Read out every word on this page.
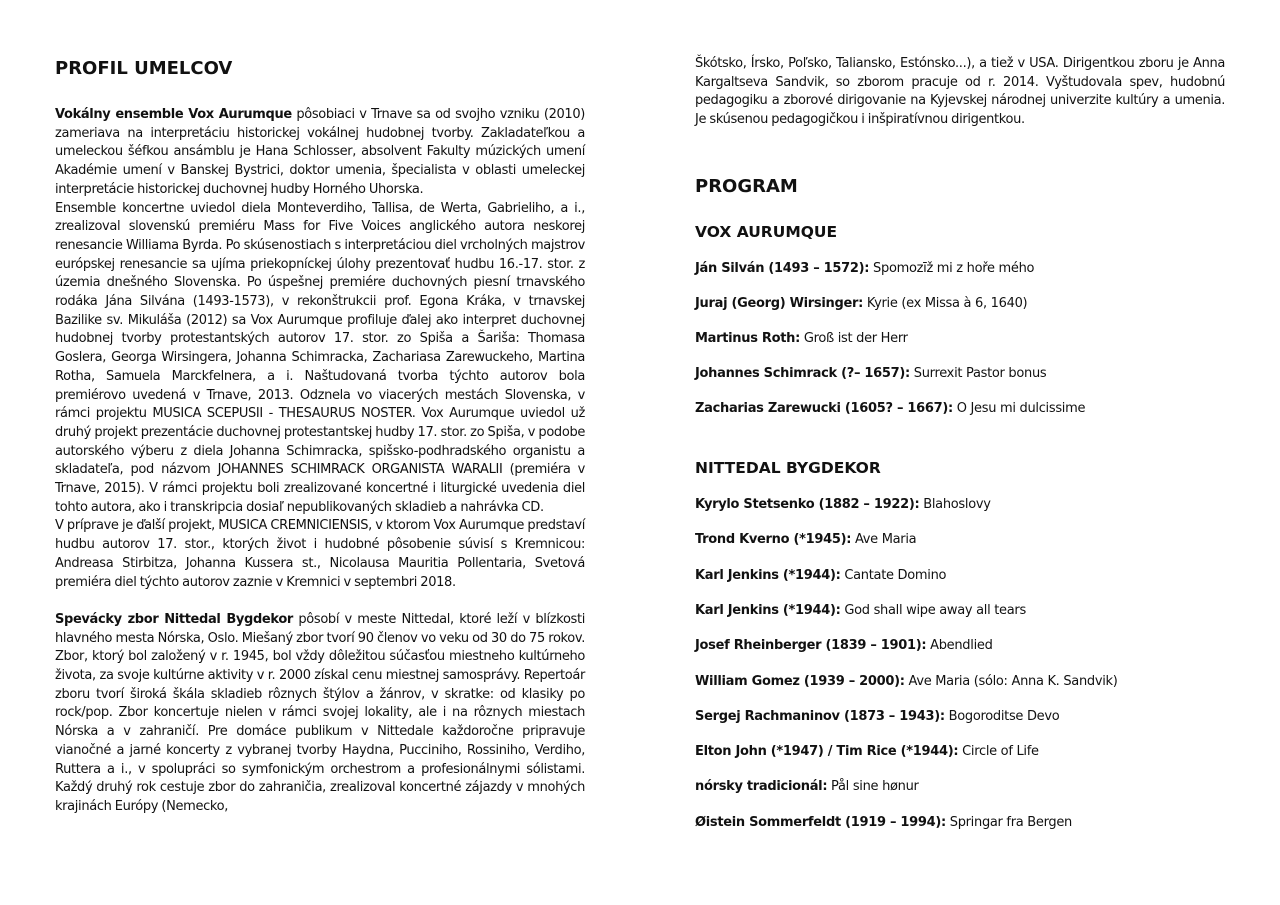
PROFIL UMELCOV

Vokálny ensemble Vox Aurumque pôsobiaci v Trnave sa od svojho vzniku (2010) zameriava na interpretáciu historickej vokálnej hudobnej tvorby. Zakladateľkou a umeleckou šéfkou ansámblu je Hana Schlosser, absolvent Fakulty múzických umení Akadémie umení v Banskej Bystrici, doktor umenia, špecialista v oblasti umeleckej interpretácie historickej duchovnej hudby Horného Uhorska.

Ensemble koncertne uviedol diela Monteverdiho, Tallisa, de Werta, Gabrieliho, a i., zrealizoval slovenskú premiéru Mass for Five Voices anglického autora neskorej renesancie Williama Byrda. Po skúsenostiach s interpretáciou diel vrcholných majstrov európskej renesancie sa ujíma priekopníckej úlohy prezentovať hudbu 16.-17. stor. z územia dnešného Slovenska. Po úspešnej premiére duchovných piesní trnavského rodáka Jána Silvána (1493-1573), v rekonštrukcii prof. Egona Kráka, v trnavskej Bazilike sv. Mikuláša (2012) sa Vox Aurumque profiluje ďalej ako interpret duchovnej hudobnej tvorby protestantských autorov 17. stor. zo Spiša a Šariša: Thomasa Goslera, Georga Wirsingera, Johanna Schimracka, Zachariasa Zarewuckeho, Martina Rotha, Samuela Marckfelnera, a i. Naštudovaná tvorba týchto autorov bola premiérovo uvedená v Trnave, 2013. Odznela vo viacerých mestách Slovenska, v rámci projektu MUSICA SCEPUSII - THESAURUS NOSTER. Vox Aurumque uviedol už druhý projekt prezentácie duchovnej protestantskej hudby 17. stor. zo Spiša, v podobe autorského výberu z diela Johanna Schimracka, spišsko-podhradského organistu a skladateľa, pod názvom JOHANNES SCHIMRACK ORGANISTA WARALII (premiéra v Trnave, 2015). V rámci projektu boli zrealizované koncertné i liturgické uvedenia diel tohto autora, ako i transkripcia dosiaľ nepublikovaných skladieb a nahrávka CD.

V príprave je ďalší projekt, MUSICA CREMNICIENSIS, v ktorom Vox Aurumque predstaví hudbu autorov 17. stor., ktorých život i hudobné pôsobenie súvisí s Kremnicou: Andreasa Stirbitza, Johanna Kussera st., Nicolausa Mauritia Pollentaria, Svetová premiéra diel týchto autorov zaznie v Kremnici v septembri 2018.

Spevácky zbor Nittedal Bygdekor pôsobí v meste Nittedal, ktoré leží v blízkosti hlavného mesta Nórska, Oslo. Miešaný zbor tvorí 90 členov vo veku od 30 do 75 rokov. Zbor, ktorý bol založený v r. 1945, bol vždy dôležitou súčasťou miestneho kultúrneho života, za svoje kultúrne aktivity v r. 2000 získal cenu miestnej samosprávy. Repertoár zboru tvorí široká škála skladieb rôznych štýlov a žánrov, v skratke: od klasiky po rock/pop. Zbor koncertuje nielen v rámci svojej lokality, ale i na rôznych miestach Nórska a v zahraničí. Pre domáce publikum v Nittedale každoročne pripravuje vianočné a jarné koncerty z vybranej tvorby Haydna, Pucciniho, Rossiniho, Verdiho, Ruttera a i., v spolupráci so symfonickým orchestrom a profesionálnymi sólistami. Každý druhý rok cestuje zbor do zahraničia, zrealizoval koncertné zájazdy v mnohých krajinách Európy (Nemecko,

Škótsko, Írsko, Poľsko, Taliansko, Estónsko...), a tiež v USA. Dirigentkou zboru je Anna Kargaltseva Sandvik, so zborom pracuje od r. 2014. Vyštudovala spev, hudobnú pedagogiku a zborové dirigovanie na Kyjevskej národnej univerzite kultúry a umenia. Je skúsenou pedagogičkou i inšpiratívnou dirigentkou.

PROGRAM
VOX AURUMQUE
Ján Silván (1493 – 1572): Spomozīž mi z hoře mého
Juraj (Georg) Wirsinger: Kyrie (ex Missa à 6, 1640)
Martinus Roth: Groß ist der Herr
Johannes Schimrack (?– 1657): Surrexit Pastor bonus
Zacharias Zarewucki (1605? – 1667): O Jesu mi dulcissime
NITTEDAL BYGDEKOR
Kyrylo Stetsenko (1882 – 1922): Blahoslovy
Trond Kverno (*1945): Ave Maria
Karl Jenkins (*1944): Cantate Domino
Karl Jenkins (*1944): God shall wipe away all tears
Josef Rheinberger (1839 – 1901): Abendlied
William Gomez (1939 – 2000): Ave Maria (sólo: Anna K. Sandvik)
Sergej Rachmaninov (1873 – 1943): Bogoroditse Devo
Elton John (*1947) / Tim Rice (*1944): Circle of Life
nórsky tradicionál: Pål sine hønur
Øistein Sommerfeldt (1919 – 1994): Springar fra Bergen
